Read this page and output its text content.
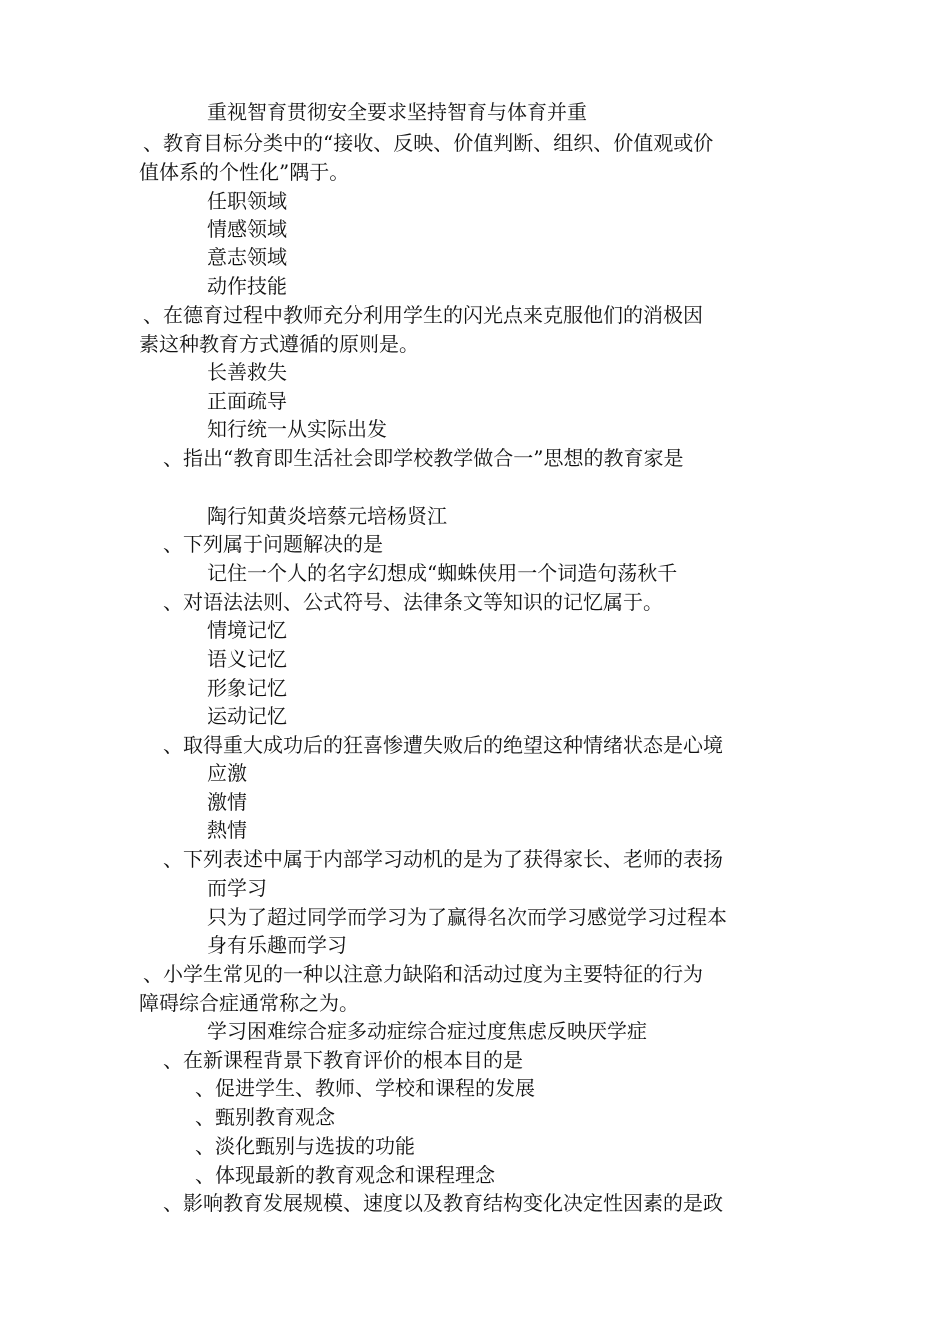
重视智育贯彻安全要求坚持智育与体育并重
、教育目标分类中的“接收、反映、价值判断、组织、价值观或价
值体系的个性化”隅于。
任职领域
情感领域
意志领域
动作技能
、在德育过程中教师充分利用学生的闪光点来克服他们的消极因
素这种教育方式遵循的原则是。
长善救失
正面疏导
知行统一从实际出发
、指出“教育即生活社会即学校教学做合一”思想的教育家是
陶行知黄炎培蔡元培杨贤江
、下列属于问题解决的是
记住一个人的名字幻想成“蜘蛛侠用一个词造句荡秋千
、对语法法则、公式符号、法律条文等知识的记忆属于。
情境记忆
语义记忆
形象记忆
运动记忆
、取得重大成功后的狂喜惨遭失败后的绝望这种情绪状态是心境
应激
激情
熱情
、下列表述中属于内部学习动机的是为了获得家长、老师的表扬
而学习
只为了超过同学而学习为了赢得名次而学习感觉学习过程本
身有乐趣而学习
、小学生常见的一种以注意力缺陷和活动过度为主要特征的行为
障碍综合症通常称之为。
学习困难综合症多动症综合症过度焦虑反映厌学症
、在新课程背景下教育评价的根本目的是
、促进学生、教师、学校和课程的发展
、甄别教育观念
、淡化甄别与选拔的功能
、体现最新的教育观念和课程理念
、影响教育发展规模、速度以及教育结构变化决定性因素的是政
